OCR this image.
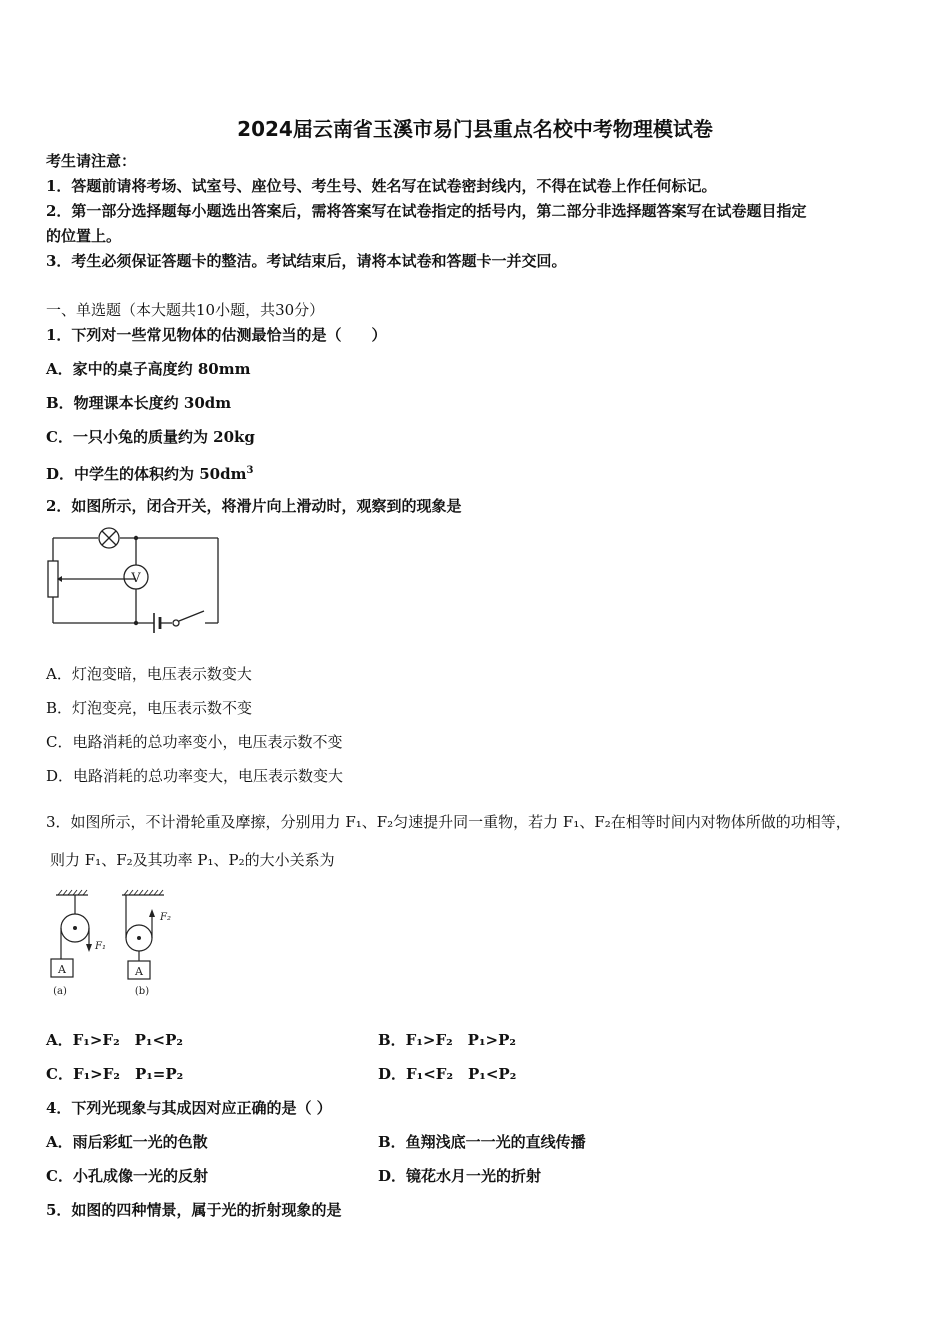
2024届云南省玉溪市易门县重点名校中考物理模试卷
考生请注意：
1．答题前请将考场、试室号、座位号、考生号、姓名写在试卷密封线内，不得在试卷上作任何标记。
2．第一部分选择题每小题选出答案后，需将答案写在试卷指定的括号内，第二部分非选择题答案写在试卷题目指定
的位置上。
3．考生必须保证答题卡的整洁。考试结束后，请将本试卷和答题卡一并交回。
一、单选题（本大题共10小题，共30分）
1．下列对一些常见物体的估测最恰当的是（　　）
A．家中的桌子高度约 80mm
B．物理课本长度约 30dm
C．一只小兔的质量约为 20kg
D．中学生的体积约为 $50dm^3$
2．如图所示，闭合开关，将滑片向上滑动时，观察到的现象是
V
A．灯泡变暗，电压表示数变大
B．灯泡变亮，电压表示数不变
C．电路消耗的总功率变小，电压表示数不变
D．电路消耗的总功率变大，电压表示数变大
3．如图所示，不计滑轮重及摩擦，分别用力 F₁、F₂匀速提升同一重物，若力 F₁、F₂在相等时间内对物体所做的功相等，
则力 F₁、F₂及其功率 P₁、P₂的大小关系为
A	A
F₁
F₂
(a)	(b)
A．F₁>F₂　P₁<P₂	B．F₁>F₂　P₁>P₂
C．F₁>F₂　P₁=P₂	D．F₁<F₂　P₁<P₂
4．下列光现象与其成因对应正确的是（ ）
A．雨后彩虹一光的色散	B．鱼翔浅底一一光的直线传播
C．小孔成像一光的反射	D．镜花水月一光的折射
5．如图的四种情景，属于光的折射现象的是
